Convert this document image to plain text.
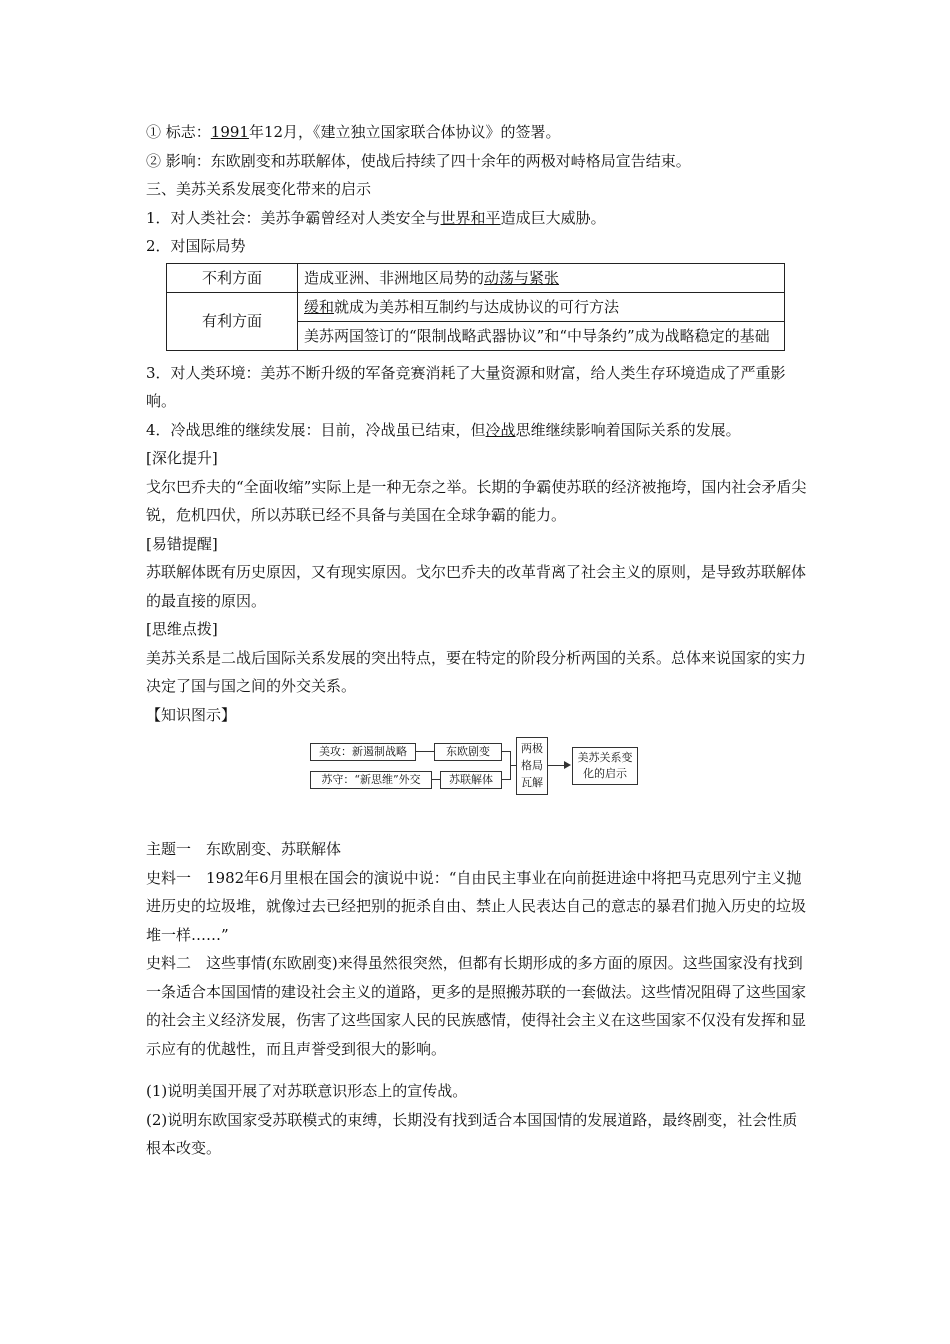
① 标志：1991年12月，《建立独立国家联合体协议》的签署。

② 影响：东欧剧变和苏联解体，使战后持续了四十余年的两极对峙格局宣告结束。

三、美苏关系发展变化带来的启示

1．对人类社会：美苏争霸曾经对人类安全与世界和平造成巨大威胁。

2．对国际局势

不利方面	造成亚洲、非洲地区局势的动荡与紧张
有利方面	缓和就成为美苏相互制约与达成协议的可行方法
	美苏两国签订的“限制战略武器协议”和“中导条约”成为战略稳定的基础

3．对人类环境：美苏不断升级的军备竞赛消耗了大量资源和财富，给人类生存环境造成了严重影响。

4．冷战思维的继续发展：目前，冷战虽已结束，但冷战思维继续影响着国际关系的发展。

[深化提升]

戈尔巴乔夫的“全面收缩”实际上是一种无奈之举。长期的争霸使苏联的经济被拖垮，国内社会矛盾尖锐，危机四伏，所以苏联已经不具备与美国在全球争霸的能力。

[易错提醒]

苏联解体既有历史原因，又有现实原因。戈尔巴乔夫的改革背离了社会主义的原则，是导致苏联解体的最直接的原因。

[思维点拨]

美苏关系是二战后国际关系发展的突出特点，要在特定的阶段分析两国的关系。总体来说国家的实力决定了国与国之间的外交关系。

【知识图示】

美攻：新遏制战略	东欧剧变
苏守：“新思维”外交	苏联解体
两极格局瓦解
美苏关系变化的启示

主题一　东欧剧变、苏联解体

史料一　1982年6月里根在国会的演说中说：“自由民主事业在向前挺进途中将把马克思列宁主义抛进历史的垃圾堆，就像过去已经把别的扼杀自由、禁止人民表达自己的意志的暴君们抛入历史的垃圾堆一样……”

史料二　这些事情(东欧剧变)来得虽然很突然，但都有长期形成的多方面的原因。这些国家没有找到一条适合本国国情的建设社会主义的道路，更多的是照搬苏联的一套做法。这些情况阻碍了这些国家的社会主义经济发展，伤害了这些国家人民的民族感情，使得社会主义在这些国家不仅没有发挥和显示应有的优越性，而且声誉受到很大的影响。

(1)说明美国开展了对苏联意识形态上的宣传战。

(2)说明东欧国家受苏联模式的束缚，长期没有找到适合本国国情的发展道路，最终剧变，社会性质根本改变。
